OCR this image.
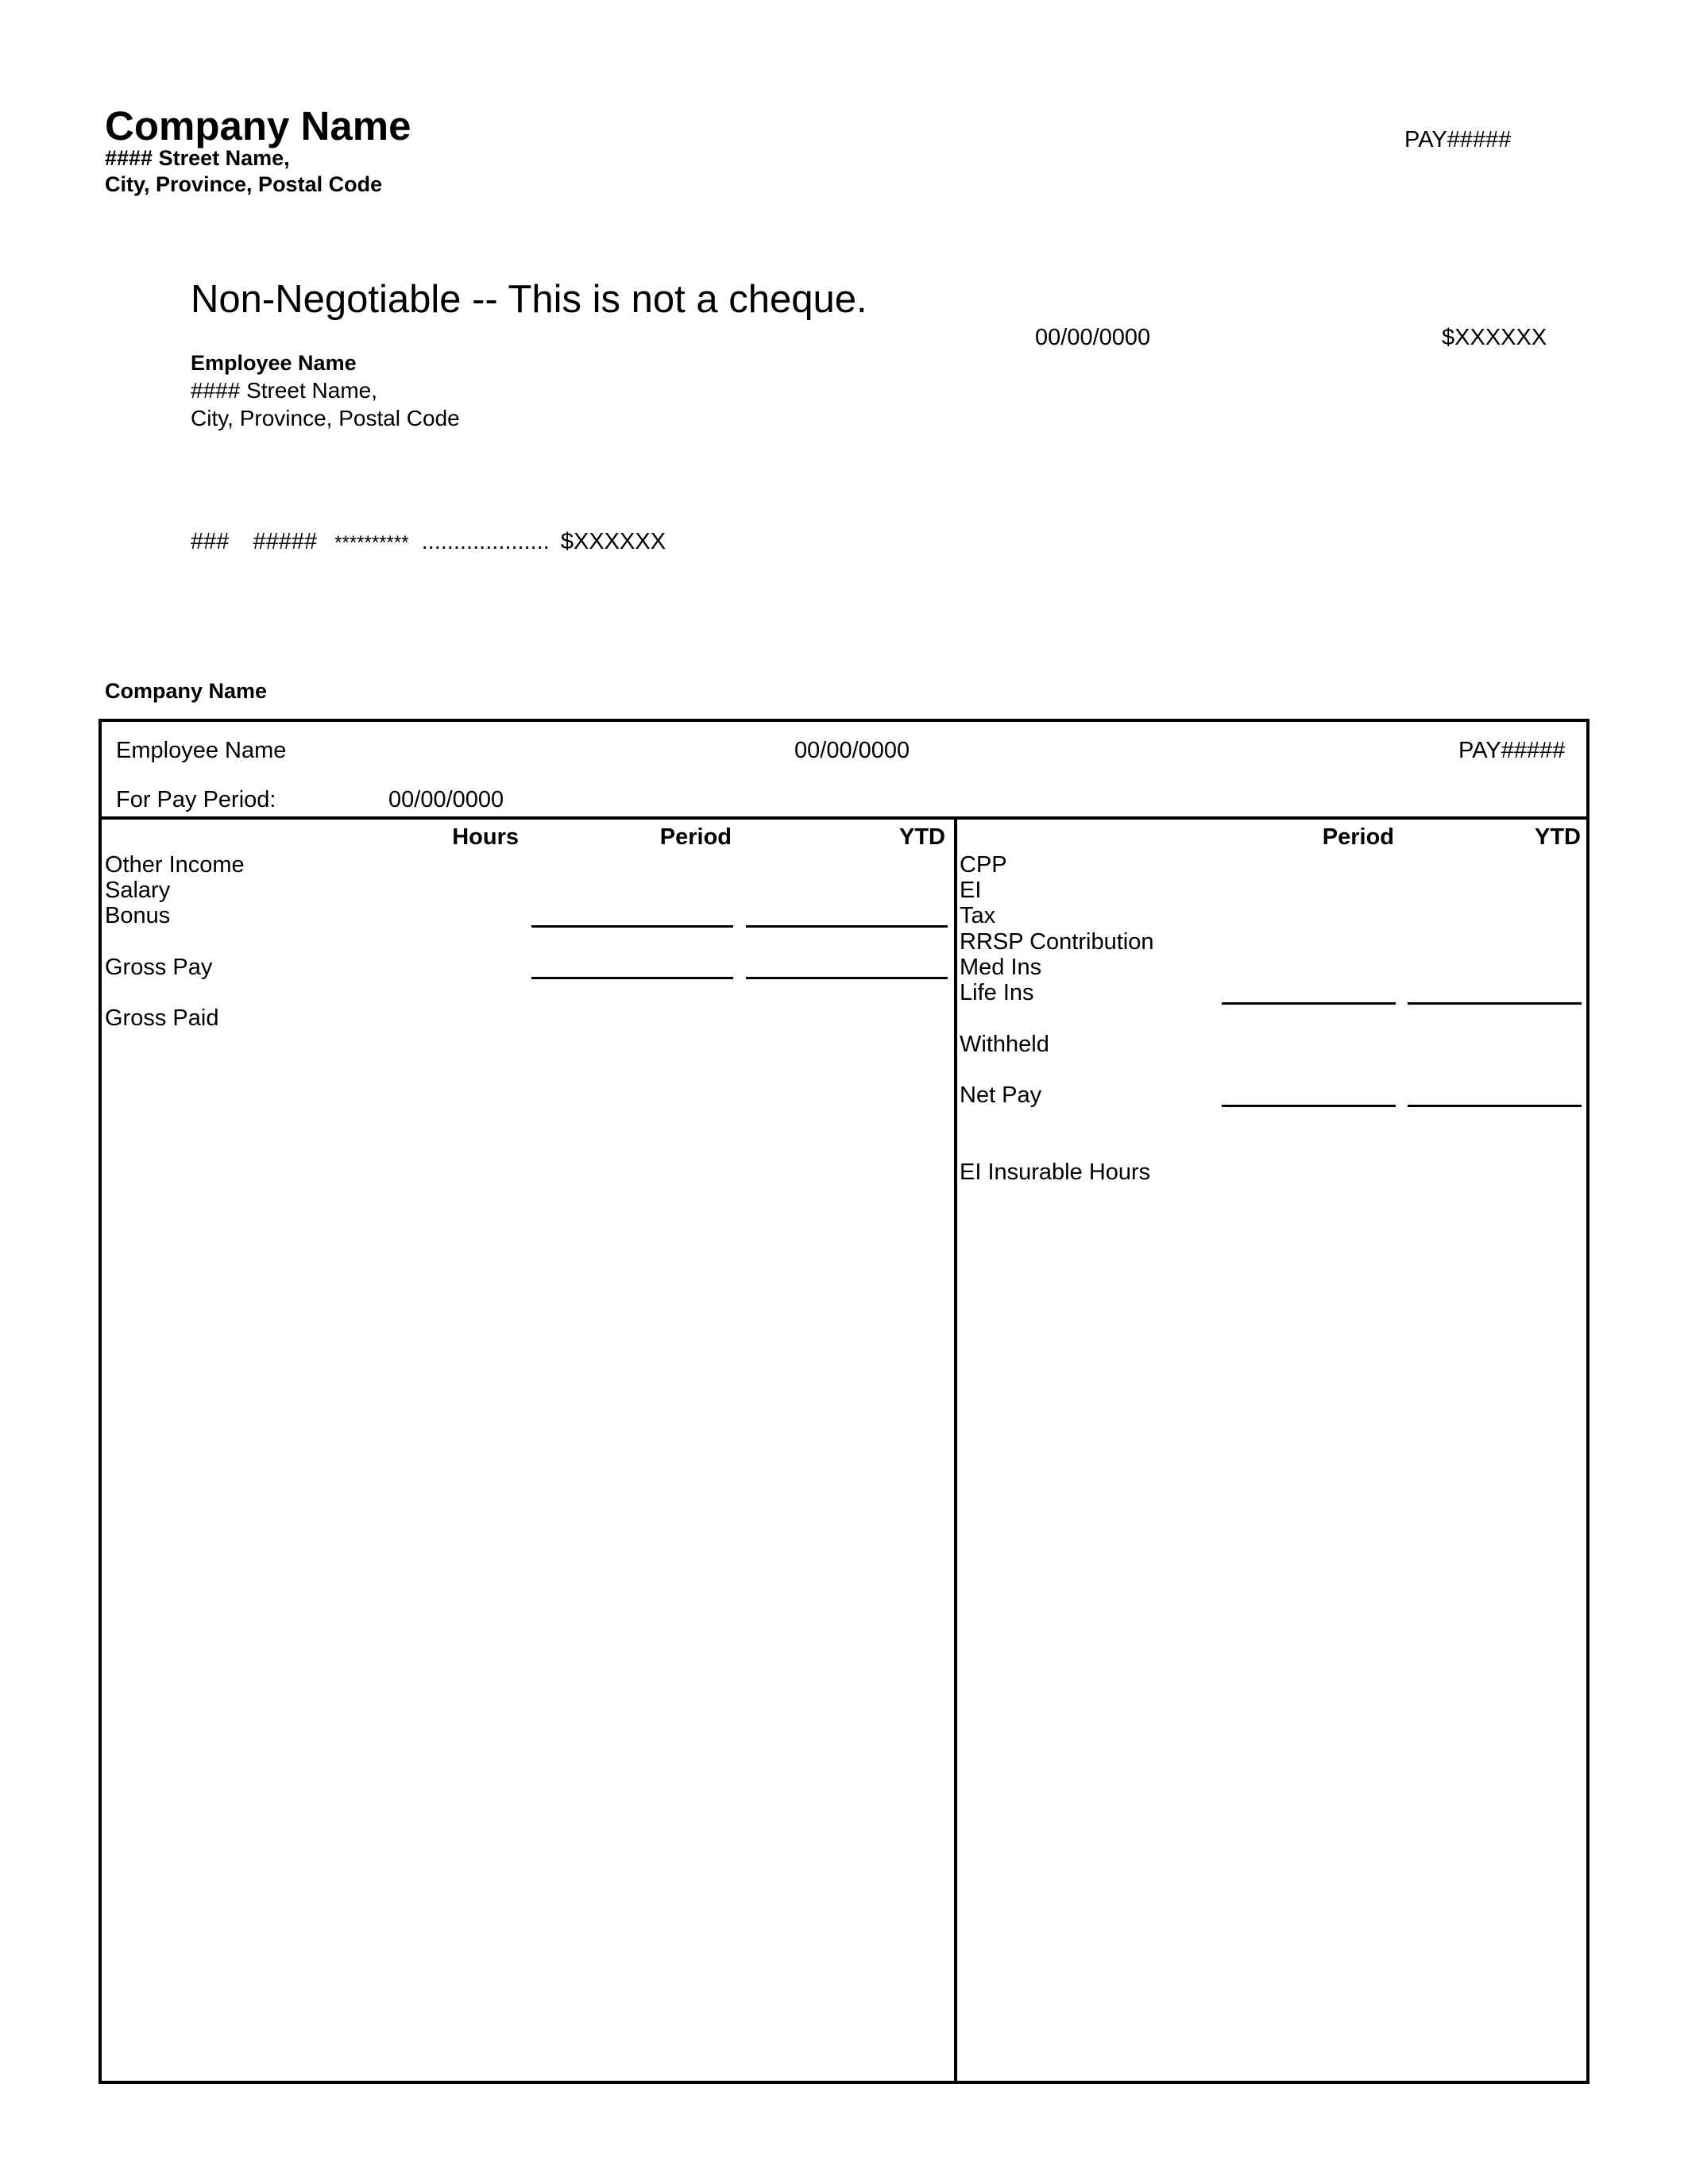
Company Name
#### Street Name,
City, Province, Postal Code
PAY#####
Non-Negotiable -- This is not a cheque.
00/00/0000	$XXXXXX
Employee Name
#### Street Name,
City, Province, Postal Code
### ##### ********** .................... $XXXXXX
Company Name
Employee Name	00/00/0000	PAY#####
For Pay Period:	00/00/0000
Hours	Period	YTD
Other Income
Salary
Bonus
Gross Pay
Gross Paid
Period	YTD
CPP
EI
Tax
RRSP Contribution
Med Ins
Life Ins
Withheld
Net Pay
EI Insurable Hours
